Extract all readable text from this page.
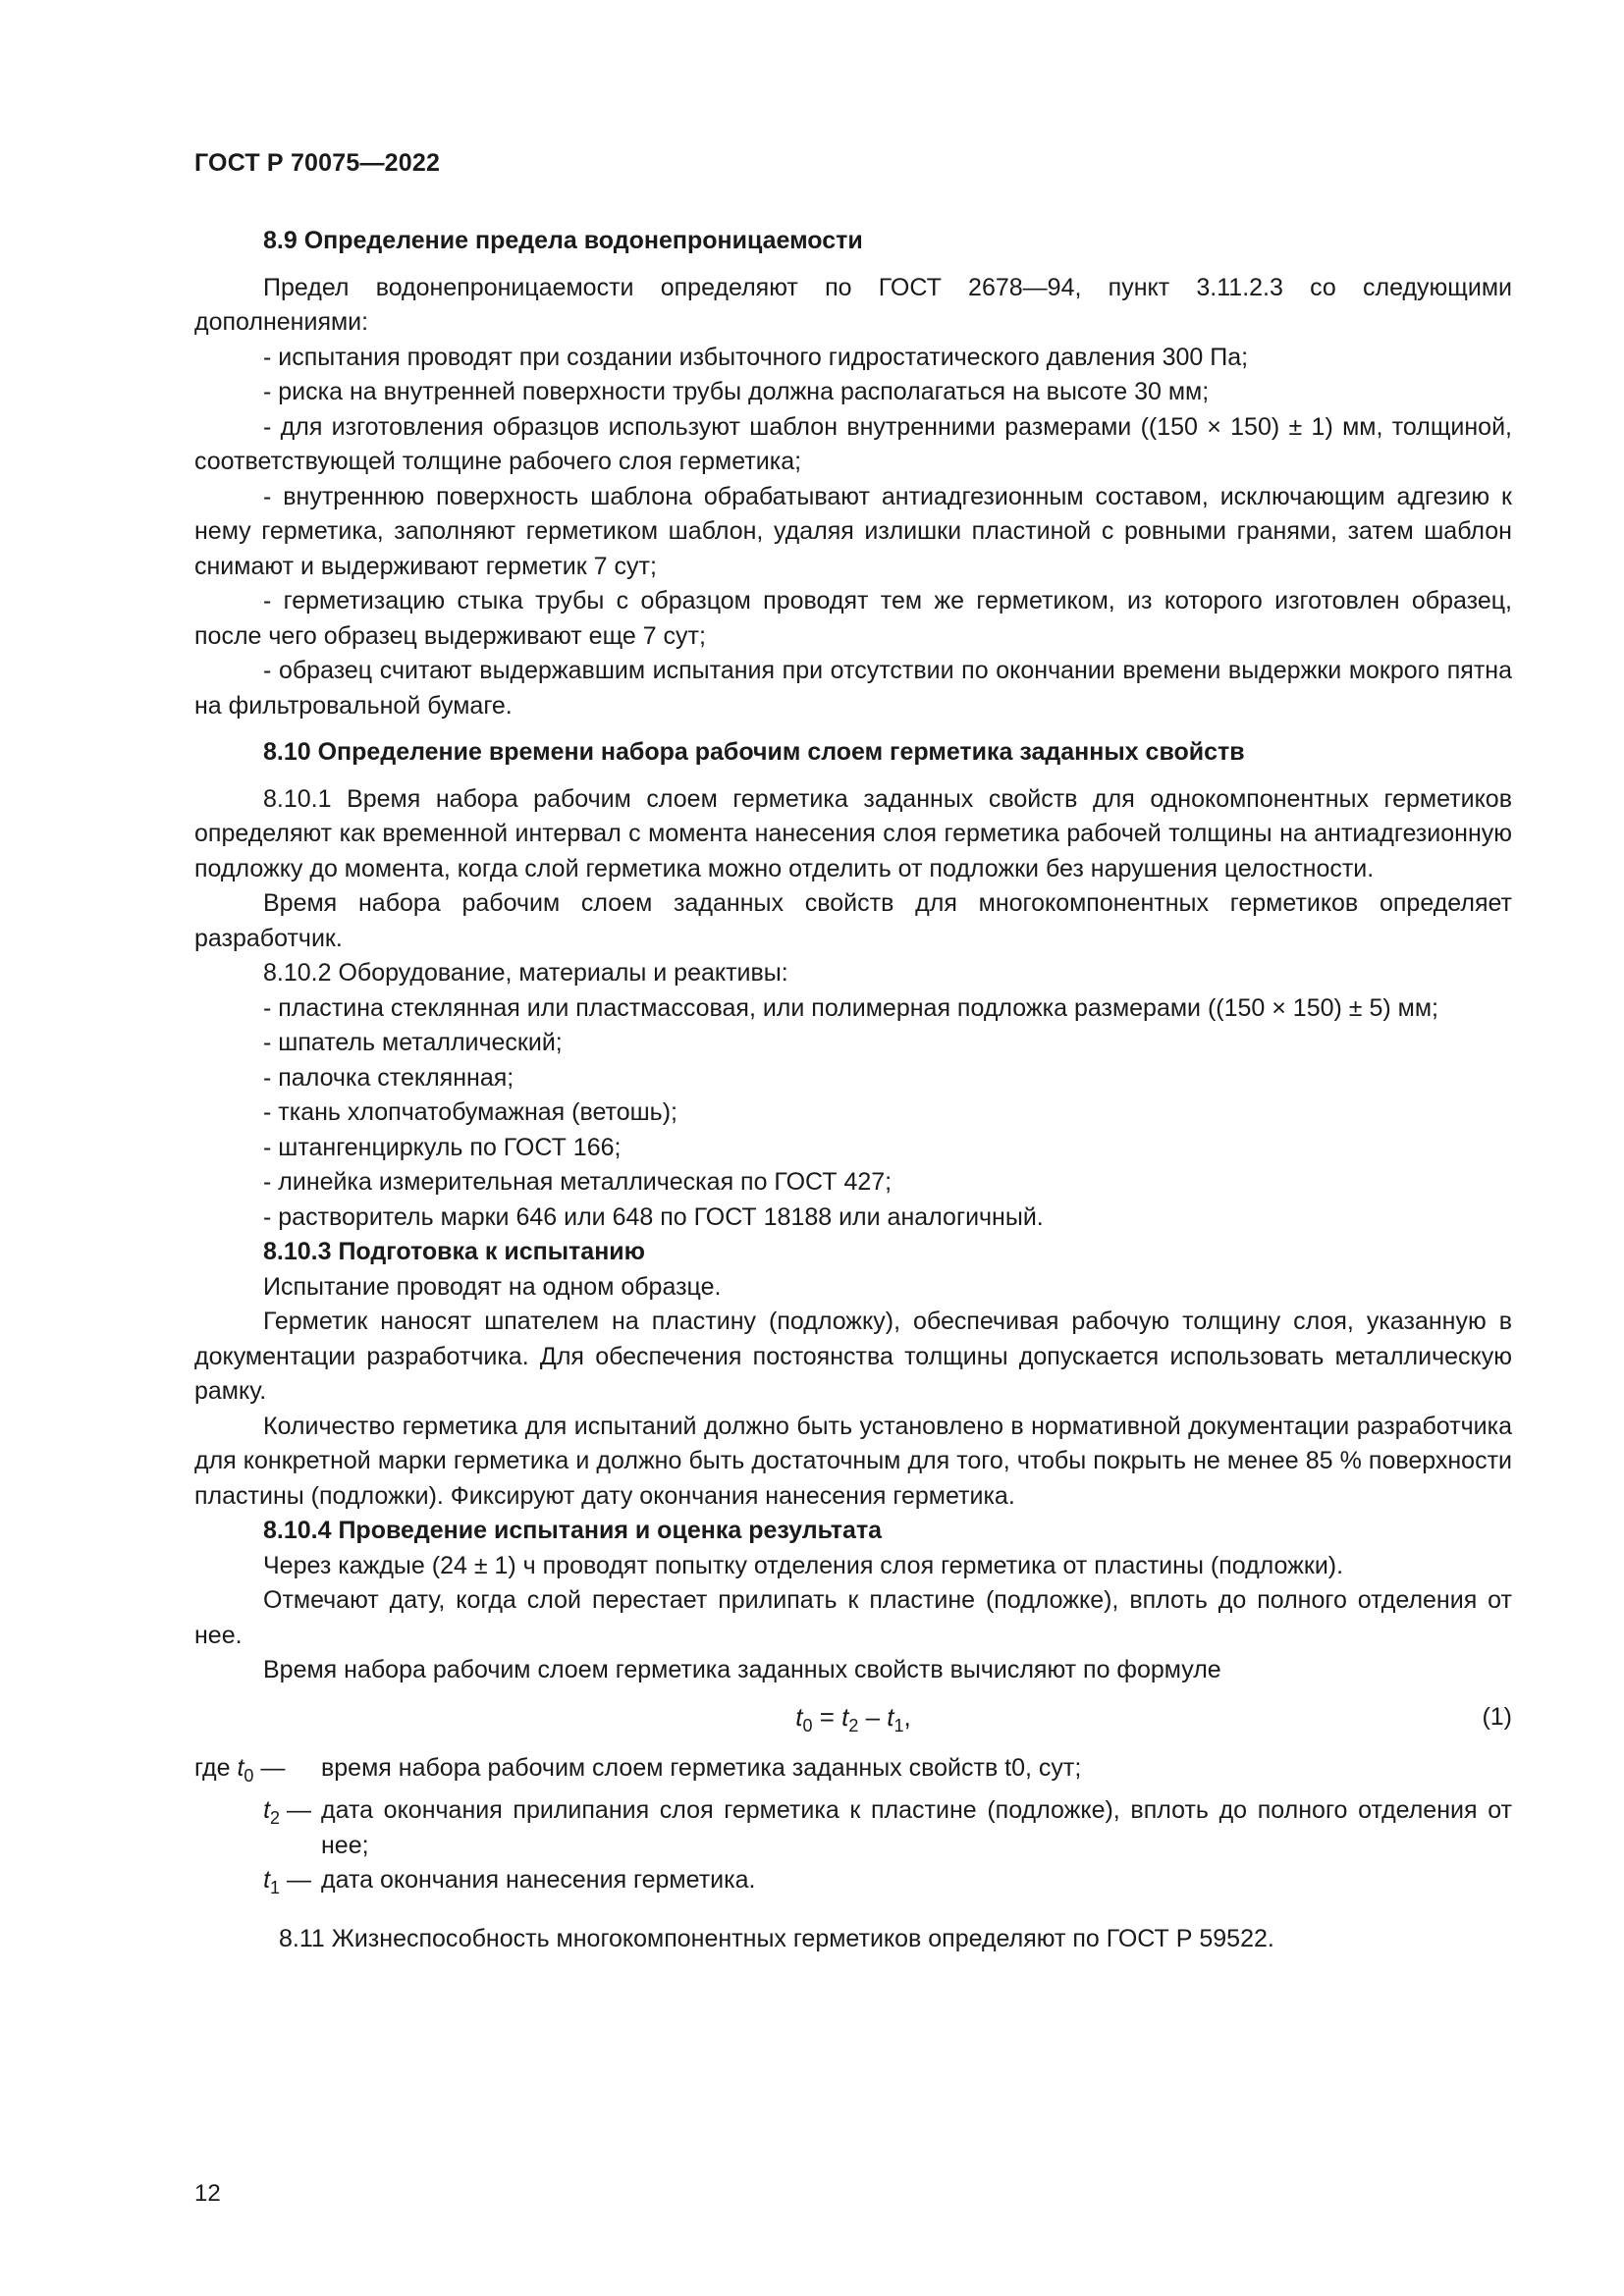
ГОСТ Р 70075—2022
8.9 Определение предела водонепроницаемости

Предел водонепроницаемости определяют по ГОСТ 2678—94, пункт 3.11.2.3 со следующими дополнениями:

- испытания проводят при создании избыточного гидростатического давления 300 Па;

- риска на внутренней поверхности трубы должна располагаться на высоте 30 мм;

- для изготовления образцов используют шаблон внутренними размерами ((150 × 150) ± 1) мм, толщиной, соответствующей толщине рабочего слоя герметика;

- внутреннюю поверхность шаблона обрабатывают антиадгезионным составом, исключающим адгезию к нему герметика, заполняют герметиком шаблон, удаляя излишки пластиной с ровными гранями, затем шаблон снимают и выдерживают герметик 7 сут;

- герметизацию стыка трубы с образцом проводят тем же герметиком, из которого изготовлен образец, после чего образец выдерживают еще 7 сут;

- образец считают выдержавшим испытания при отсутствии по окончании времени выдержки мокрого пятна на фильтровальной бумаге.

8.10 Определение времени набора рабочим слоем герметика заданных свойств

8.10.1 Время набора рабочим слоем герметика заданных свойств для однокомпонентных герметиков определяют как временной интервал с момента нанесения слоя герметика рабочей толщины на антиадгезионную подложку до момента, когда слой герметика можно отделить от подложки без нарушения целостности.

Время набора рабочим слоем заданных свойств для многокомпонентных герметиков определяет разработчик.

8.10.2 Оборудование, материалы и реактивы:

- пластина стеклянная или пластмассовая, или полимерная подложка размерами ((150 × 150) ± 5) мм;

- шпатель металлический;

- палочка стеклянная;

- ткань хлопчатобумажная (ветошь);

- штангенциркуль по ГОСТ 166;

- линейка измерительная металлическая по ГОСТ 427;

- растворитель марки 646 или 648 по ГОСТ 18188 или аналогичный.

8.10.3 Подготовка к испытанию

Испытание проводят на одном образце.

Герметик наносят шпателем на пластину (подложку), обеспечивая рабочую толщину слоя, указанную в документации разработчика. Для обеспечения постоянства толщины допускается использовать металлическую рамку.

Количество герметика для испытаний должно быть установлено в нормативной документации разработчика для конкретной марки герметика и должно быть достаточным для того, чтобы покрыть не менее 85 % поверхности пластины (подложки). Фиксируют дату окончания нанесения герметика.

8.10.4 Проведение испытания и оценка результата

Через каждые (24 ± 1) ч проводят попытку отделения слоя герметика от пластины (подложки).

Отмечают дату, когда слой перестает прилипать к пластине (подложке), вплоть до полного отделения от нее.

Время набора рабочим слоем герметика заданных свойств вычисляют по формуле

$t_0 = t_2 - t_1$,	(1)
где $t_0$ —	время набора рабочим слоем герметика заданных свойств t0, сут;
$t_2$ — дата окончания прилипания слоя герметика к пластине (подложке), вплоть до полного отделения от нее;
$t_1$ — дата окончания нанесения герметика.

8.11 Жизнеспособность многокомпонентных герметиков определяют по ГОСТ Р 59522.

12
